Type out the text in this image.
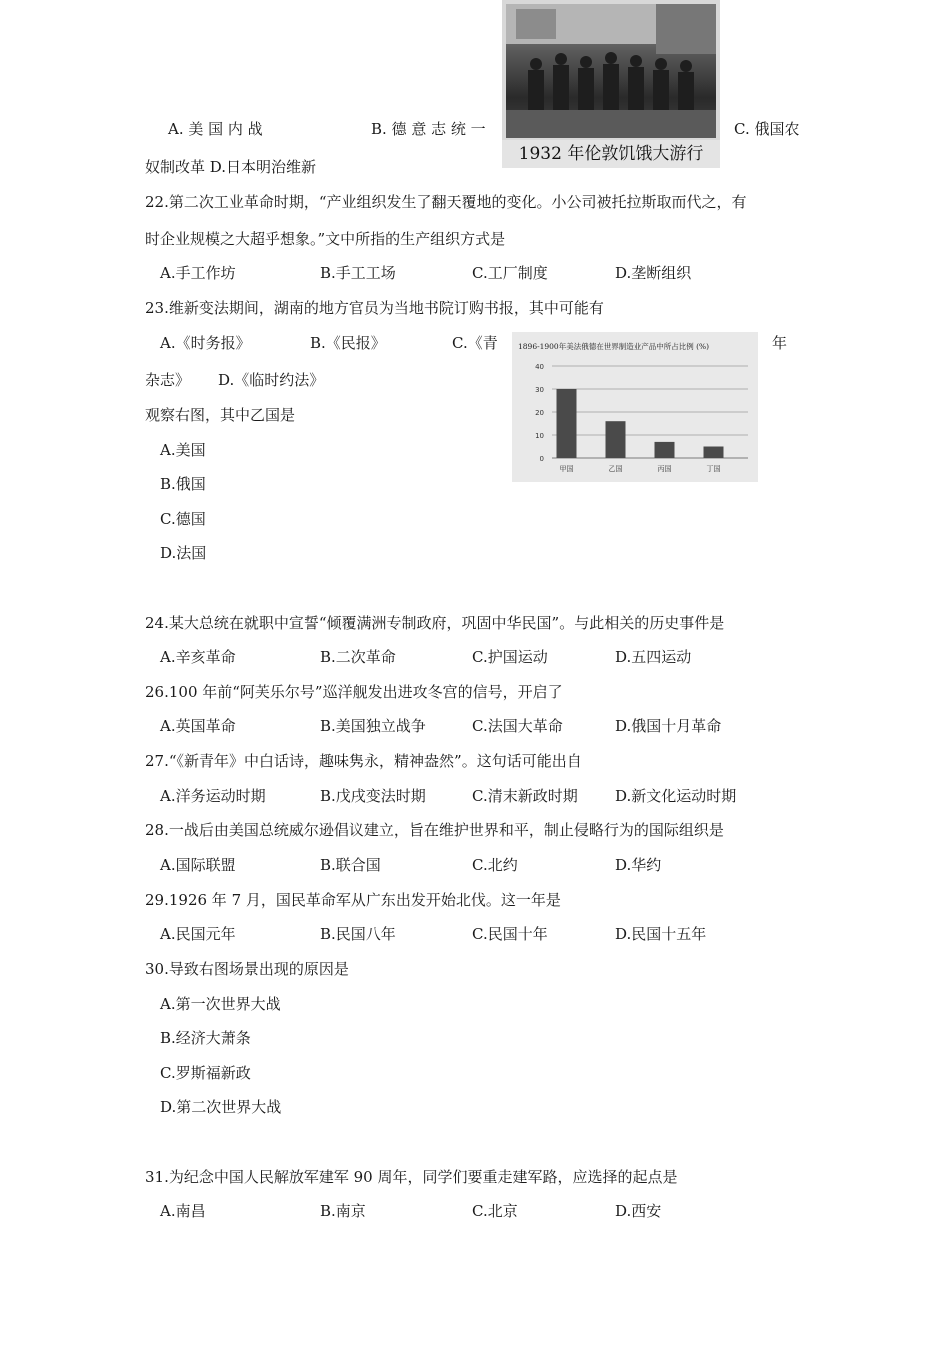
1932 年伦敦饥饿大游行
A. 美 国 内 战	B. 德 意 志 统 一	C. 俄国农
奴制改革 D.日本明治维新
22.第二次工业革命时期，“产业组织发生了翻天覆地的变化。小公司被托拉斯取而代之，有
时企业规模之大超乎想象。”文中所指的生产组织方式是
A.手工作坊	B.手工工场	C.工厂制度	D.垄断组织
23.维新变法期间，湖南的地方官员为当地书院订购书报，其中可能有
A.《时务报》	B.《民报》	C.《青	年
杂志》 D.《临时约法》
1896-1900年美法俄德在世界制造业产品中所占比例 (%)
0
10
20
30
40
甲国	乙国	丙国	丁国
观察右图，其中乙国是
A.美国
B.俄国
C.德国
D.法国
24.某大总统在就职中宣誓“倾覆满洲专制政府，巩固中华民国”。与此相关的历史事件是
A.辛亥革命	B.二次革命	C.护国运动	D.五四运动
26.100 年前“阿芙乐尔号”巡洋舰发出进攻冬宫的信号，开启了
A.英国革命	B.美国独立战争	C.法国大革命	D.俄国十月革命
27.“《新青年》中白话诗，趣味隽永，精神盎然”。这句话可能出自
A.洋务运动时期	B.戊戌变法时期	C.清末新政时期 D.新文化运动时期
28.一战后由美国总统威尔逊倡议建立，旨在维护世界和平，制止侵略行为的国际组织是
A.国际联盟	B.联合国	C.北约	D.华约
29.1926 年 7 月，国民革命军从广东出发开始北伐。这一年是
A.民国元年	B.民国八年	C.民国十年	D.民国十五年
30.导致右图场景出现的原因是
A.第一次世界大战
B.经济大萧条
C.罗斯福新政
D.第二次世界大战
31.为纪念中国人民解放军建军 90 周年，同学们要重走建军路，应选择的起点是
A.南昌	B.南京	C.北京	D.西安
